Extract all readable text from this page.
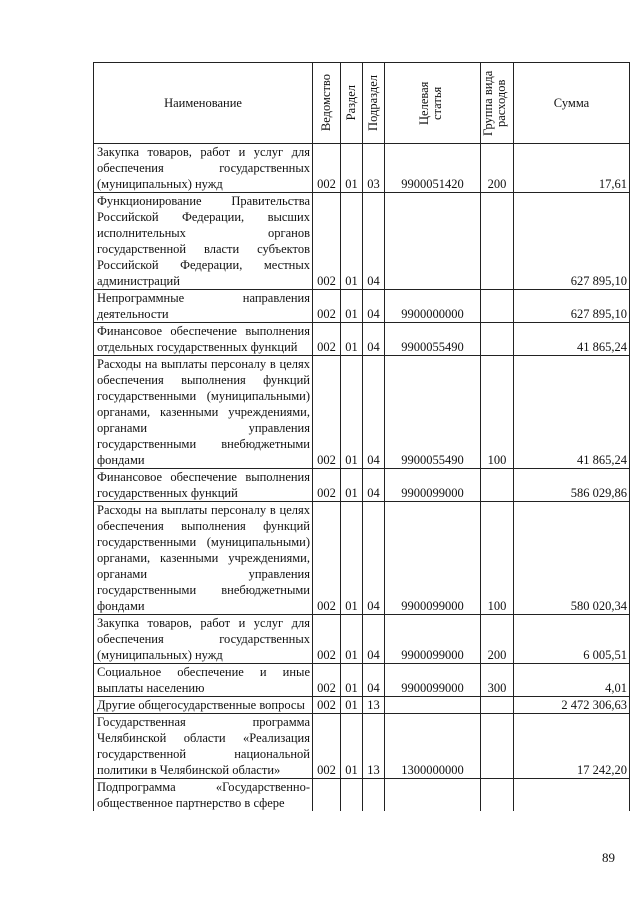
Наименование	Ведомство	Раздел	Подраздел	Целевая статья	Группа вида расходов	Сумма
Закупка товаров, работ и услуг для обеспечения государственных (муниципальных) нужд	002	01	03	9900051420	200	17,61
Функционирование Правительства Российской Федерации, высших исполнительных органов государственной власти субъектов Российской Федерации, местных администраций	002	01	04			627 895,10
Непрограммные направления деятельности	002	01	04	9900000000		627 895,10
Финансовое обеспечение выполнения отдельных государственных функций	002	01	04	9900055490		41 865,24
Расходы на выплаты персоналу в целях обеспечения выполнения функций государственными (муниципальными) органами, казенными учреждениями, органами управления государственными внебюджетными фондами	002	01	04	9900055490	100	41 865,24
Финансовое обеспечение выполнения государственных функций	002	01	04	9900099000		586 029,86
Расходы на выплаты персоналу в целях обеспечения выполнения функций государственными (муниципальными) органами, казенными учреждениями, органами управления государственными внебюджетными фондами	002	01	04	9900099000	100	580 020,34
Закупка товаров, работ и услуг для обеспечения государственных (муниципальных) нужд	002	01	04	9900099000	200	6 005,51
Социальное обеспечение и иные выплаты населению	002	01	04	9900099000	300	4,01
Другие общегосударственные вопросы	002	01	13			2 472 306,63
Государственная программа Челябинской области «Реализация государственной национальной политики в Челябинской области»	002	01	13	1300000000		17 242,20
Подпрограмма «Государственно-общественное партнерство в сфере						
89
